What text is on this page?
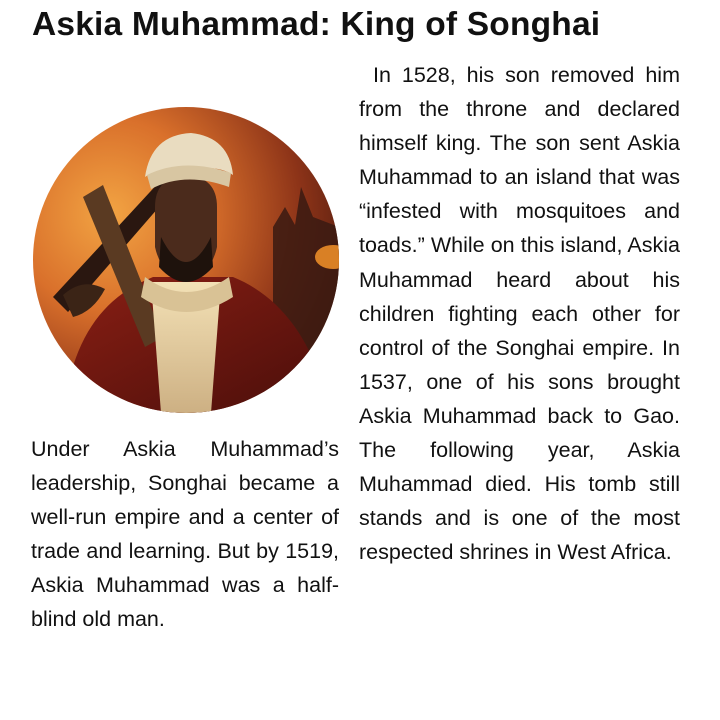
Askia Muhammad: King of Songhai
Under Askia Muhammad’s leadership, Songhai became a well-run empire and a center of trade and learning. But by 1519, Askia Muhammad was a half-blind old man.
In 1528, his son removed him from the throne and declared himself king. The son sent Askia Muhammad to an island that was “infested with mosquitoes and toads.” While on this island, Askia Muhammad heard about his children fighting each other for control of the Songhai empire. In 1537, one of his sons brought Askia Muhammad back to Gao. The following year, Askia Muhammad died. His tomb still stands and is one of the most respected shrines in West Africa.
